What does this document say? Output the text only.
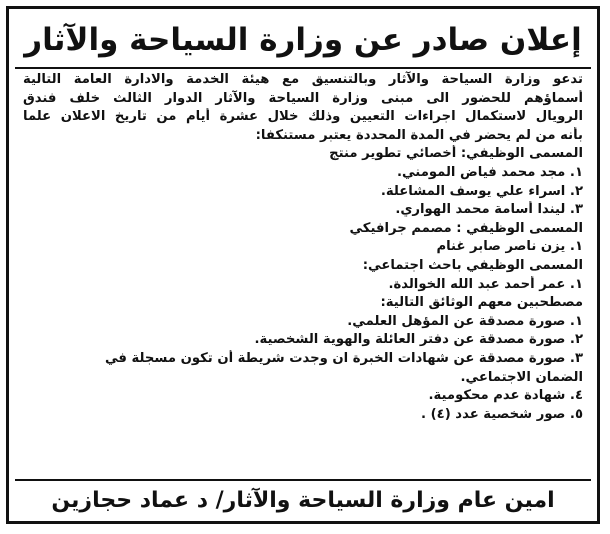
إعلان صادر عن وزارة السياحة والآثار
تدعو وزارة السياحة والآثار وبالتنسيق مع هيئة الخدمة والادارة العامة التالية
أسماؤهم للحضور الى مبنى وزارة السياحة والآثار الدوار الثالث خلف فندق
الرويال لاستكمال اجراءات التعيين وذلك خلال عشرة أيام من تاريخ الاعلان علما
بأنه من لم يحضر في المدة المحددة يعتبر مستنكفا:
المسمى الوظيفي: أخصائي تطوير منتج
١. مجد محمد فياض المومني.
٢. اسراء علي يوسف المشاعلة.
٣. ليندا أسامة محمد الهواري.
المسمى الوظيفي : مصمم جرافيكي
١. يزن ناصر صابر غنام
المسمى الوظيفي باحث اجتماعي:
١. عمر أحمد عبد الله الخوالدة.
مصطحبين معهم الوثائق التالية:
١. صورة مصدقة عن المؤهل العلمي.
٢. صورة مصدقة عن دفتر العائلة والهوية الشخصية.
٣. صورة مصدقة عن شهادات الخبرة ان وجدت شريطة أن تكون مسجلة في
الضمان الاجتماعي.
٤. شهادة عدم محكومية.
٥. صور شخصية عدد (٤) .
امين عام وزارة السياحة والآثار/ د عماد حجازين
